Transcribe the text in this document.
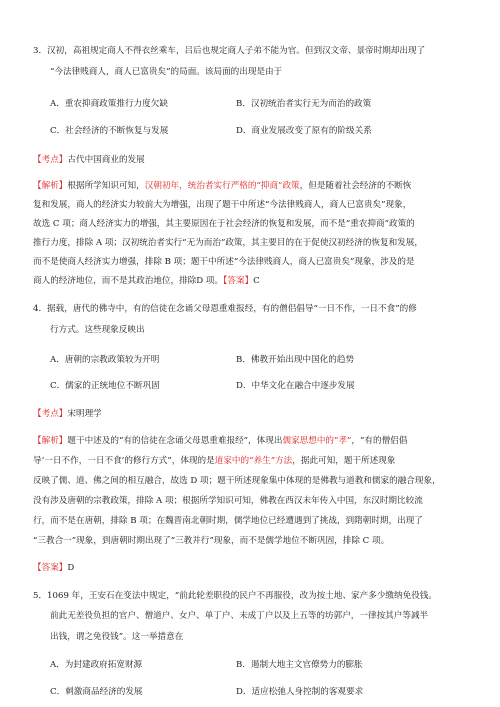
3．汉初，高祖规定商人不得衣丝乘车，吕后也规定商人子弟不能为官。但到汉文帝、景帝时期却出现了
“今法律贱商人，商人已富贵矣”的局面。该局面的出现是由于
A．重农抑商政策推行力度欠缺	B．汉初统治者实行无为而治的政策
C．社会经济的不断恢复与发展	D．商业发展改变了原有的阶级关系
【考点】古代中国商业的发展
【解析】根据所学知识可知，汉朝初年，统治者实行严格的“抑商”政策，但是随着社会经济的不断恢
复和发展，商人的经济实力较前大为增强，出现了题干中所述“今法律贱商人，商人已富贵矣”现象，
故选 C 项；商人经济实力的增强，其主要原因在于社会经济的恢复和发展，而不是“重农抑商”政策的
推行力度，排除 A 项；汉初统治者实行“无为而治”政策，其主要目的在于促使汉初经济的恢复和发展，
而不是使商人经济实力增强，排除 B 项；题干中所述“今法律贱商人，商人已富贵矣”现象，涉及的是
商人的经济地位，而不是其政治地位，排除D 项。【答案】C
4．据载，唐代的佛寺中，有的信徒在念诵父母恩重难报经，有的僧侣倡导“一日不作，一日不食”的修
行方式。这些现象反映出
A．唐朝的宗教政策较为开明	B．佛教开始出现中国化的趋势
C．儒家的正统地位不断巩固	D．中华文化在融合中逐步发展
【考点】宋明理学
【解析】题干中述及的“有的信徒在念诵父母恩重难报经”，体现出儒家思想中的“孝”，“有的僧侣倡
导‘一日不作，一日不食’的修行方式”，体现的是道家中的“养生”方法，据此可知，题干所述现象
反映了儒、道、佛之间的相互融合，故选 D 项；题干所述现象集中体现的是佛教与道教和儒家的融合现象，
没有涉及唐朝的宗教政策，排除 A 项；根据所学知识可知，佛教在西汉末年传入中国，东汉时期比较流
行，而不是在唐朝，排除 B 项；在魏晋南北朝时期，儒学地位已经遭遇到了挑战，到隋朝时期，出现了
“三教合一”现象，到唐朝时期出现了“三教并行”现象，而不是儒学地位不断巩固，排除 C 项。
【答案】D
5．1069 年，王安石在变法中规定，“前此轮差职役的民户不再服役，改为按土地、家产多少缴纳免役钱。
前此无差役负担的官户、僧道户、女户、单丁户、未成丁户以及上五等的坊郭户，一律按其户等减半
出钱，谓之免役钱”。这一举措意在
A．为封建政府拓宽财源	B．遏制大地主文官僚势力的膨胀
C．刺激商品经济的发展	D．适应松弛人身控制的客观要求
